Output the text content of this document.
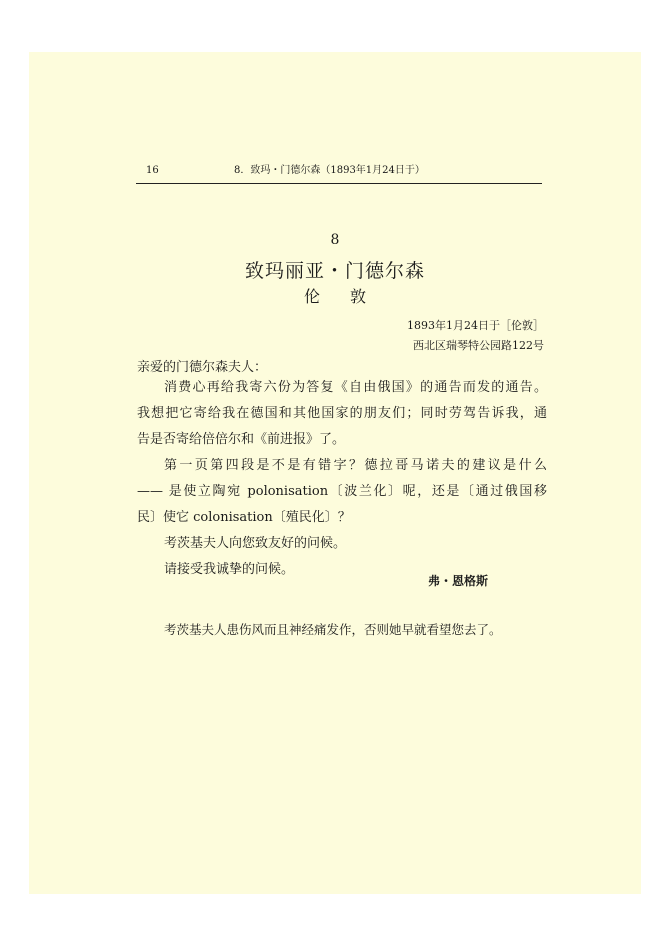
16	8．致玛・门德尔森（1893年1月24日于）
8
致玛丽亚・门德尔森
伦敦
1893年1月24日于［伦敦］
西北区瑞琴特公园路122号
亲爱的门德尔森夫人：
消费心再给我寄六份为答复《自由俄国》的通告而发的通告。
我想把它寄给我在德国和其他国家的朋友们；同时劳驾告诉我，通
告是否寄给倍倍尔和《前进报》了。
第一页第四段是不是有错字？德拉哥马诺夫的建议是什么
—— 是使立陶宛 polonisation〔波兰化〕呢，还是〔通过俄国移
民〕使它 colonisation〔殖民化〕？
考茨基夫人向您致友好的问候。
请接受我诚挚的问候。
弗・恩格斯
考茨基夫人患伤风而且神经痛发作，否则她早就看望您去了。
